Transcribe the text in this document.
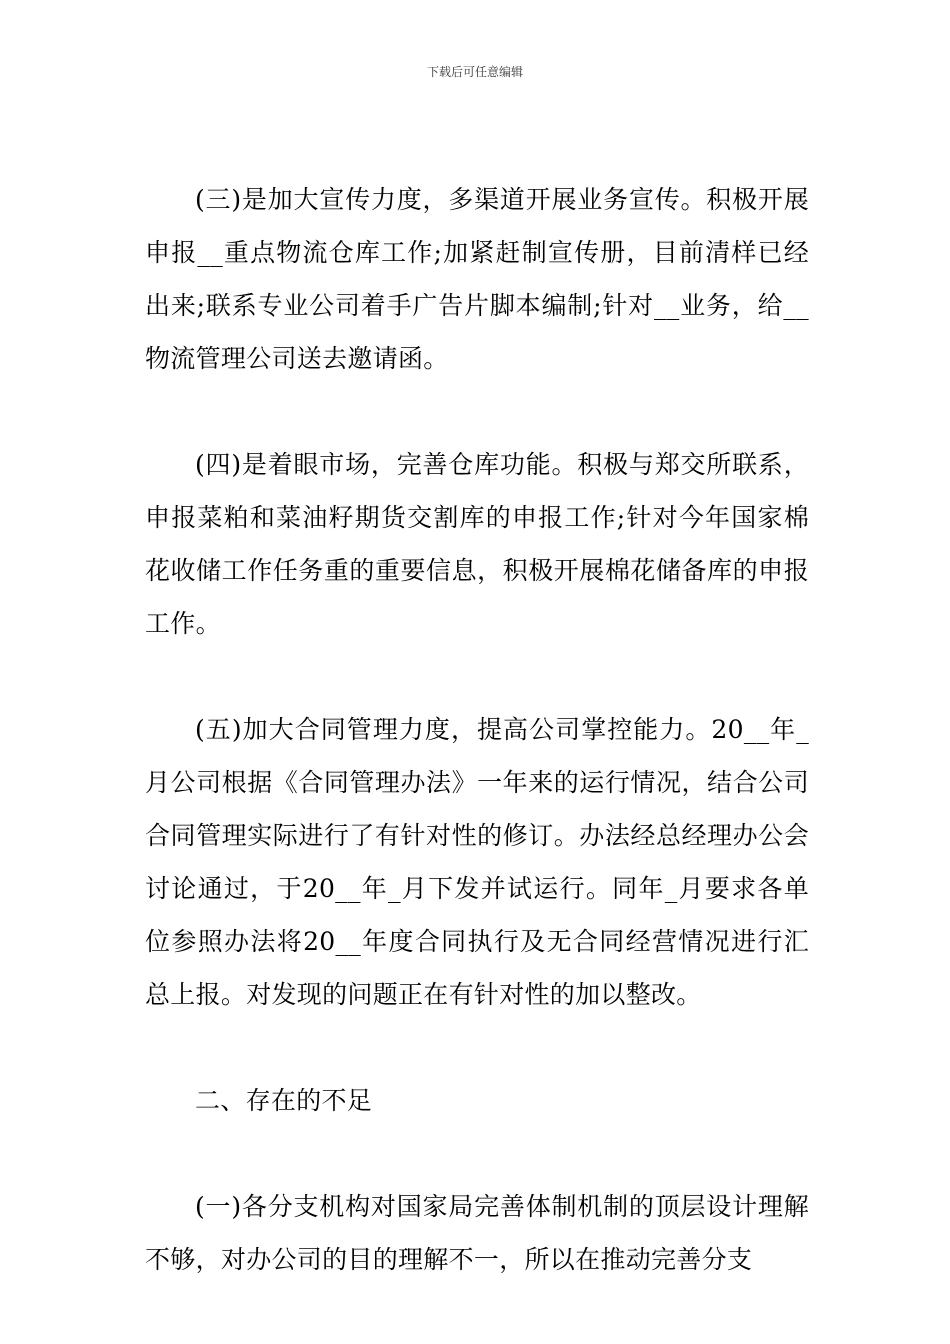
下载后可任意编辑

(三)是加大宣传力度，多渠道开展业务宣传。积极开展申报__重点物流仓库工作;加紧赶制宣传册，目前清样已经出来;联系专业公司着手广告片脚本编制;针对__业务，给__物流管理公司送去邀请函。

(四)是着眼市场，完善仓库功能。积极与郑交所联系，申报菜粕和菜油籽期货交割库的申报工作;针对今年国家棉花收储工作任务重的重要信息，积极开展棉花储备库的申报工作。

(五)加大合同管理力度，提高公司掌控能力。20__年_月公司根据《合同管理办法》一年来的运行情况，结合公司合同管理实际进行了有针对性的修订。办法经总经理办公会讨论通过，于20__年_月下发并试运行。同年_月要求各单位参照办法将20__年度合同执行及无合同经营情况进行汇总上报。对发现的问题正在有针对性的加以整改。

二、存在的不足

(一)各分支机构对国家局完善体制机制的顶层设计理解不够，对办公司的目的理解不一，所以在推动完善分支
